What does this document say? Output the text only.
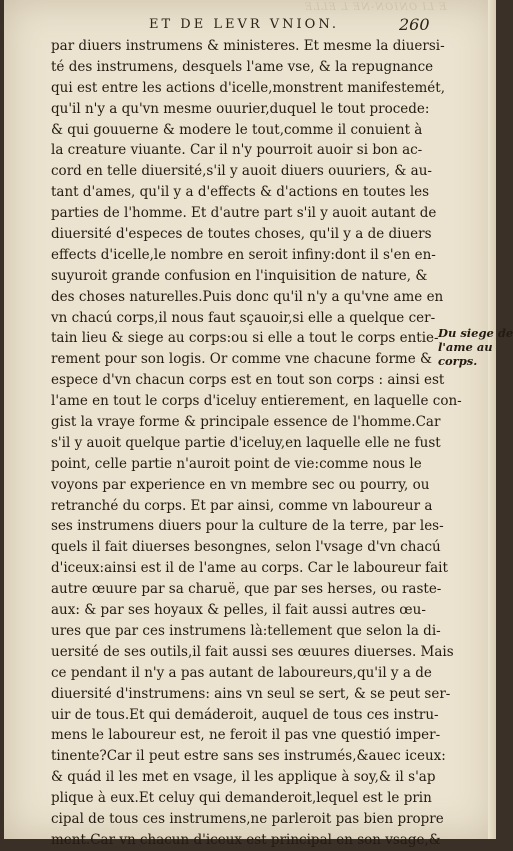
E LI ONION-NE L ELLE
ET DE LEVR VNION.	260
par diuers instrumens & ministeres. Et mesme la diuersi-
té des instrumens, desquels l'ame vse, & la repugnance
qui est entre les actions d'icelle,monstrent manifestemét,
qu'il n'y a qu'vn mesme ouurier,duquel le tout procede:
& qui gouuerne & modere le tout,comme il conuient à
la creature viuante. Car il n'y pourroit auoir si bon ac-
cord en telle diuersité,s'il y auoit diuers ouuriers, & au-
tant d'ames, qu'il y a d'effects & d'actions en toutes les
parties de l'homme. Et d'autre part s'il y auoit autant de
diuersité d'especes de toutes choses, qu'il y a de diuers
effects d'icelle,le nombre en seroit infiny:dont il s'en en-
suyuroit grande confusion en l'inquisition de nature, &
des choses naturelles.Puis donc qu'il n'y a qu'vne ame en
vn chacú corps,il nous faut sçauoir,si elle a quelque cer-
tain lieu & siege au corps:ou si elle a tout le corps entie-
rement pour son logis. Or comme vne chacune forme &
espece d'vn chacun corps est en tout son corps : ainsi est
l'ame en tout le corps d'iceluy entierement, en laquelle con-
gist la vraye forme & principale essence de l'homme.Car
s'il y auoit quelque partie d'iceluy,en laquelle elle ne fust
point, celle partie n'auroit point de vie:comme nous le
voyons par experience en vn membre sec ou pourry, ou
retranché du corps. Et par ainsi, comme vn laboureur a
ses instrumens diuers pour la culture de la terre, par les-
quels il fait diuerses besongnes, selon l'vsage d'vn chacú
d'iceux:ainsi est il de l'ame au corps. Car le laboureur fait
autre œuure par sa charuë, que par ses herses, ou raste-
aux: & par ses hoyaux & pelles, il fait aussi autres œu-
ures que par ces instrumens là:tellement que selon la di-
uersité de ses outils,il fait aussi ses œuures diuerses. Mais
ce pendant il n'y a pas autant de laboureurs,qu'il y a de
diuersité d'instrumens: ains vn seul se sert, & se peut ser-
uir de tous.Et qui demáderoit, auquel de tous ces instru-
mens le laboureur est, ne feroit il pas vne questió imper-
tinente?Car il peut estre sans ses instrumés,&auec iceux:
& quád il les met en vsage, il les applique à soy,& il s'ap
plique à eux.Et celuy qui demanderoit,lequel est le prin
cipal de tous ces instrumens,ne parleroit pas bien propre
ment.Car vn chacun d'iceux est principal en son vsage,&
Du siege de
l'ame au
corps.
